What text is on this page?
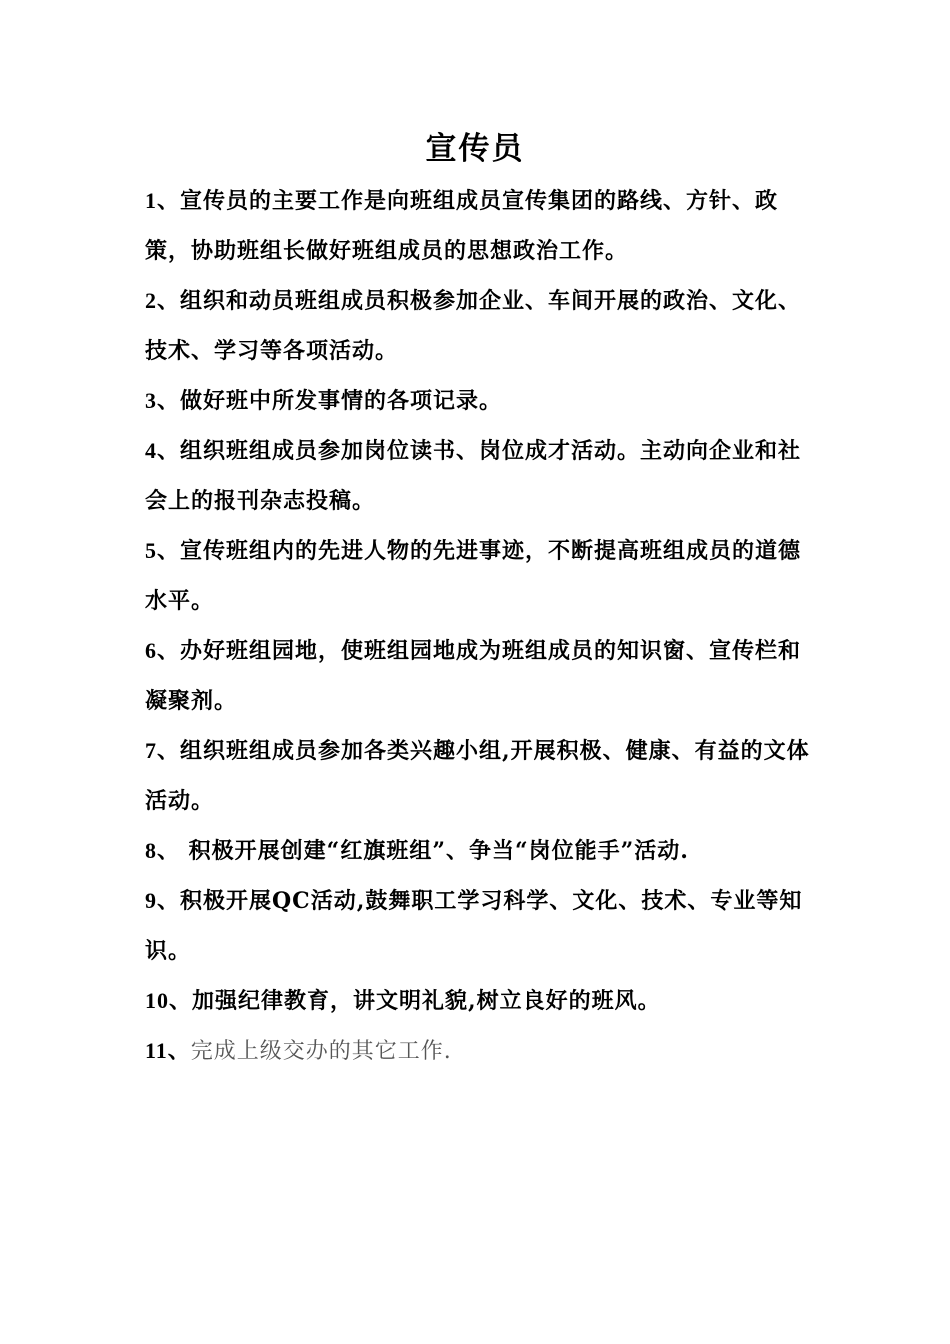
宣传员

1、宣传员的主要工作是向班组成员宣传集团的路线、方针、政策，协助班组长做好班组成员的思想政治工作。

2、组织和动员班组成员积极参加企业、车间开展的政治、文化、技术、学习等各项活动。

3、做好班中所发事情的各项记录。

4、组织班组成员参加岗位读书、岗位成才活动。主动向企业和社会上的报刊杂志投稿。

5、宣传班组内的先进人物的先进事迹，不断提高班组成员的道德水平。

6、办好班组园地，使班组园地成为班组成员的知识窗、宣传栏和凝聚剂。

7、组织班组成员参加各类兴趣小组,开展积极、健康、有益的文体活动。

8、 积极开展创建“红旗班组”、争当“岗位能手”活动.

9、积极开展QC活动,鼓舞职工学习科学、文化、技术、专业等知识。

10、加强纪律教育，讲文明礼貌,树立良好的班风。

11、完成上级交办的其它工作.
